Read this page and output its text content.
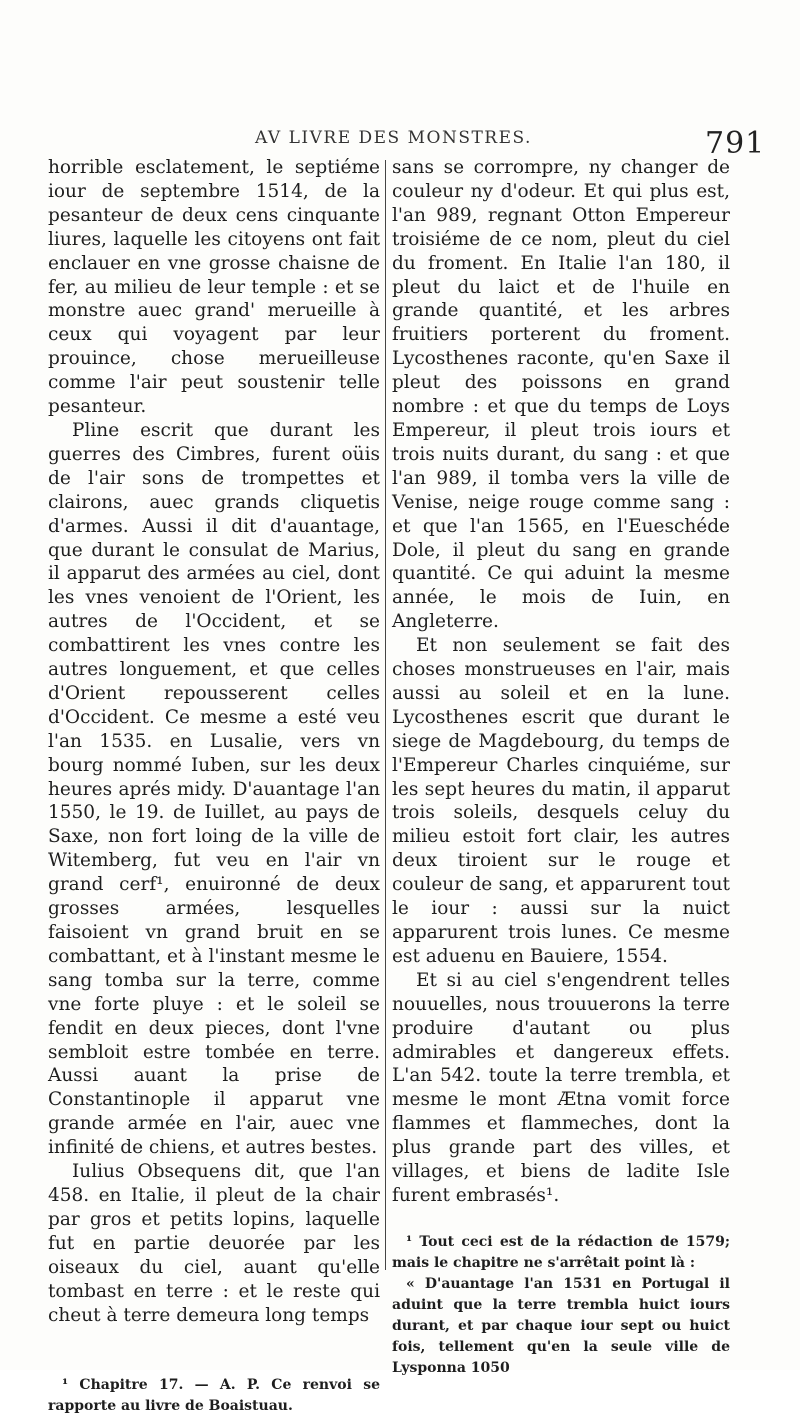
AV LIVRE DES MONSTRES.	791

horrible esclatement, le septiéme iour de septembre 1514, de la pesanteur de deux cens cinquante liures, laquelle les citoyens ont fait enclauer en vne grosse chaisne de fer, au milieu de leur temple : et se monstre auec grand' merueille à ceux qui voyagent par leur prouince, chose merueilleuse comme l'air peut soustenir telle pesanteur.

Pline escrit que durant les guerres des Cimbres, furent oüis de l'air sons de trompettes et clairons, auec grands cliquetis d'armes. Aussi il dit d'auantage, que durant le consulat de Marius, il apparut des armées au ciel, dont les vnes venoient de l'Orient, les autres de l'Occident, et se combattirent les vnes contre les autres longuement, et que celles d'Orient repousserent celles d'Occident. Ce mesme a esté veu l'an 1535. en Lusalie, vers vn bourg nommé Iuben, sur les deux heures aprés midy. D'auantage l'an 1550, le 19. de Iuillet, au pays de Saxe, non fort loing de la ville de Witemberg, fut veu en l'air vn grand cerf¹, enuironné de deux grosses armées, lesquelles faisoient vn grand bruit en se combattant, et à l'instant mesme le sang tomba sur la terre, comme vne forte pluye : et le soleil se fendit en deux pieces, dont l'vne sembloit estre tombée en terre. Aussi auant la prise de Constantinople il apparut vne grande armée en l'air, auec vne infinité de chiens, et autres bestes.

Iulius Obsequens dit, que l'an 458. en Italie, il pleut de la chair par gros et petits lopins, laquelle fut en partie deuorée par les oiseaux du ciel, auant qu'elle tombast en terre : et le reste qui cheut à terre demeura long temps

¹ Chapitre 17. — A. P. Ce renvoi se rapporte au livre de Boaistuau.

sans se corrompre, ny changer de couleur ny d'odeur. Et qui plus est, l'an 989, regnant Otton Empereur troisiéme de ce nom, pleut du ciel du froment. En Italie l'an 180, il pleut du laict et de l'huile en grande quantité, et les arbres fruitiers porterent du froment. Lycosthenes raconte, qu'en Saxe il pleut des poissons en grand nombre : et que du temps de Loys Empereur, il pleut trois iours et trois nuits durant, du sang : et que l'an 989, il tomba vers la ville de Venise, neige rouge comme sang : et que l'an 1565, en l'Eueschéde Dole, il pleut du sang en grande quantité. Ce qui aduint la mesme année, le mois de Iuin, en Angleterre.

Et non seulement se fait des choses monstrueuses en l'air, mais aussi au soleil et en la lune. Lycosthenes escrit que durant le siege de Magdebourg, du temps de l'Empereur Charles cinquiéme, sur les sept heures du matin, il apparut trois soleils, desquels celuy du milieu estoit fort clair, les autres deux tiroient sur le rouge et couleur de sang, et apparurent tout le iour : aussi sur la nuict apparurent trois lunes. Ce mesme est aduenu en Bauiere, 1554.

Et si au ciel s'engendrent telles nouuelles, nous trouuerons la terre produire d'autant ou plus admirables et dangereux effets. L'an 542. toute la terre trembla, et mesme le mont Ætna vomit force flammes et flammeches, dont la plus grande part des villes, et villages, et biens de ladite Isle furent embrasés¹.

¹ Tout ceci est de la rédaction de 1579; mais le chapitre ne s'arrêtait point là :

« D'auantage l'an 1531 en Portugal il aduint que la terre trembla huict iours durant, et par chaque iour sept ou huict fois, tellement qu'en la seule ville de Lysponna 1050
